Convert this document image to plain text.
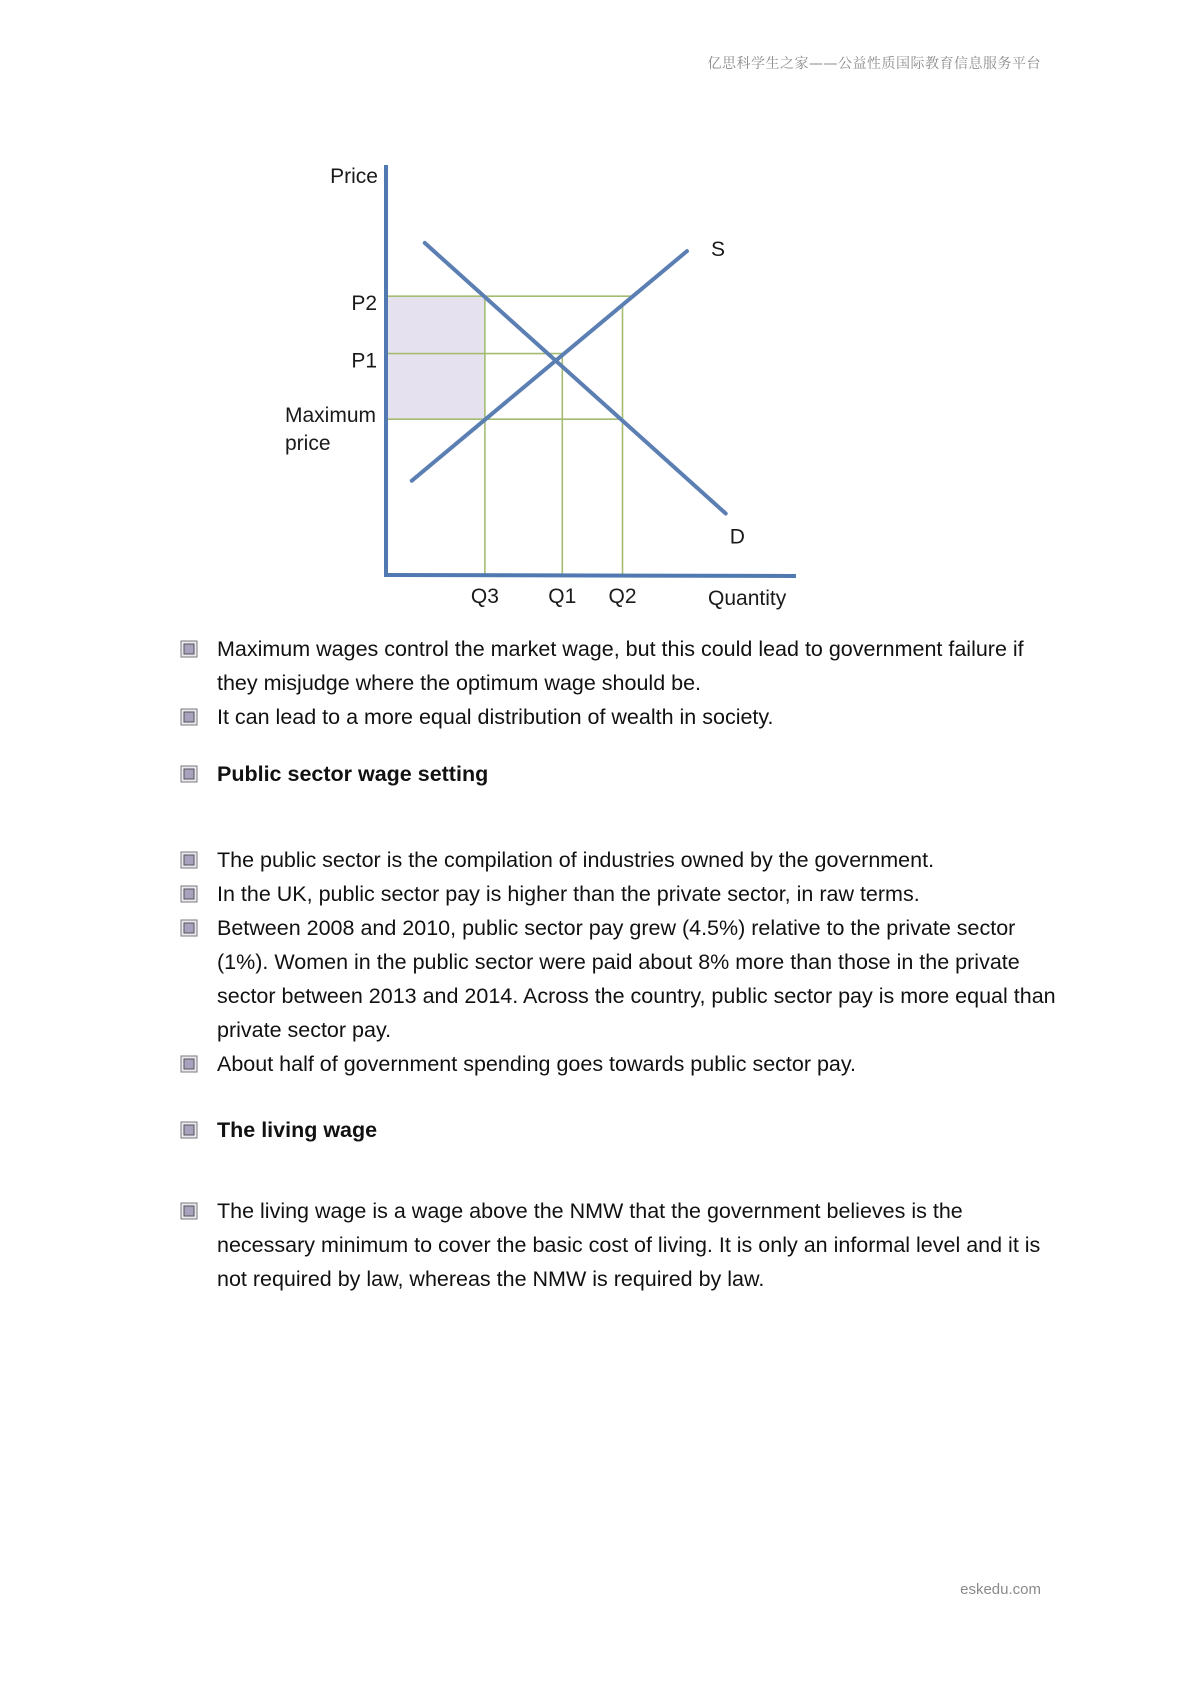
亿思科学生之家——公益性质国际教育信息服务平台
D
S
Price
Quantity
P2
P1
Maximum price
Q3 Q1 Q2
Maximum wages control the market wage, but this could lead to government failure if they misjudge where the optimum wage should be.
It can lead to a more equal distribution of wealth in society.
Public sector wage setting
The public sector is the compilation of industries owned by the government.
In the UK, public sector pay is higher than the private sector, in raw terms.
Between 2008 and 2010, public sector pay grew (4.5%) relative to the private sector (1%). Women in the public sector were paid about 8% more than those in the private sector between 2013 and 2014. Across the country, public sector pay is more equal than private sector pay.
About half of government spending goes towards public sector pay.
The living wage
The living wage is a wage above the NMW that the government believes is the necessary minimum to cover the basic cost of living. It is only an informal level and it is not required by law, whereas the NMW is required by law.
eskedu.com
